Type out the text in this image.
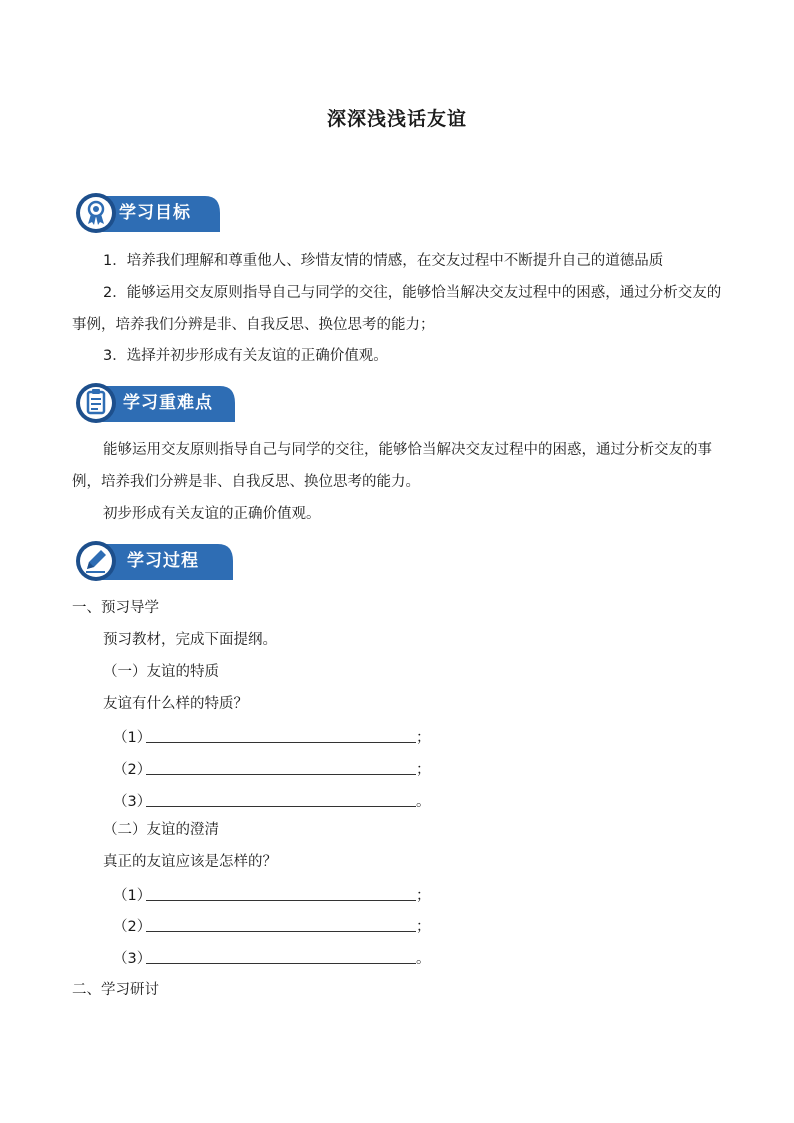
深深浅浅话友谊
学习目标
1．培养我们理解和尊重他人、珍惜友情的情感，在交友过程中不断提升自己的道德品质
2．能够运用交友原则指导自己与同学的交往，能够恰当解决交友过程中的困惑，通过分析交友的事例，培养我们分辨是非、自我反思、换位思考的能力；
3．选择并初步形成有关友谊的正确价值观。
学习重难点
能够运用交友原则指导自己与同学的交往，能够恰当解决交友过程中的困惑，通过分析交友的事例，培养我们分辨是非、自我反思、换位思考的能力。
初步形成有关友谊的正确价值观。
学习过程
一、预习导学
预习教材，完成下面提纲。
（一）友谊的特质
友谊有什么样的特质？
（1）	；
（2）	；
（3）	。
（二）友谊的澄清
真正的友谊应该是怎样的？
（1）	；
（2）	；
（3）	。
二、学习研讨
